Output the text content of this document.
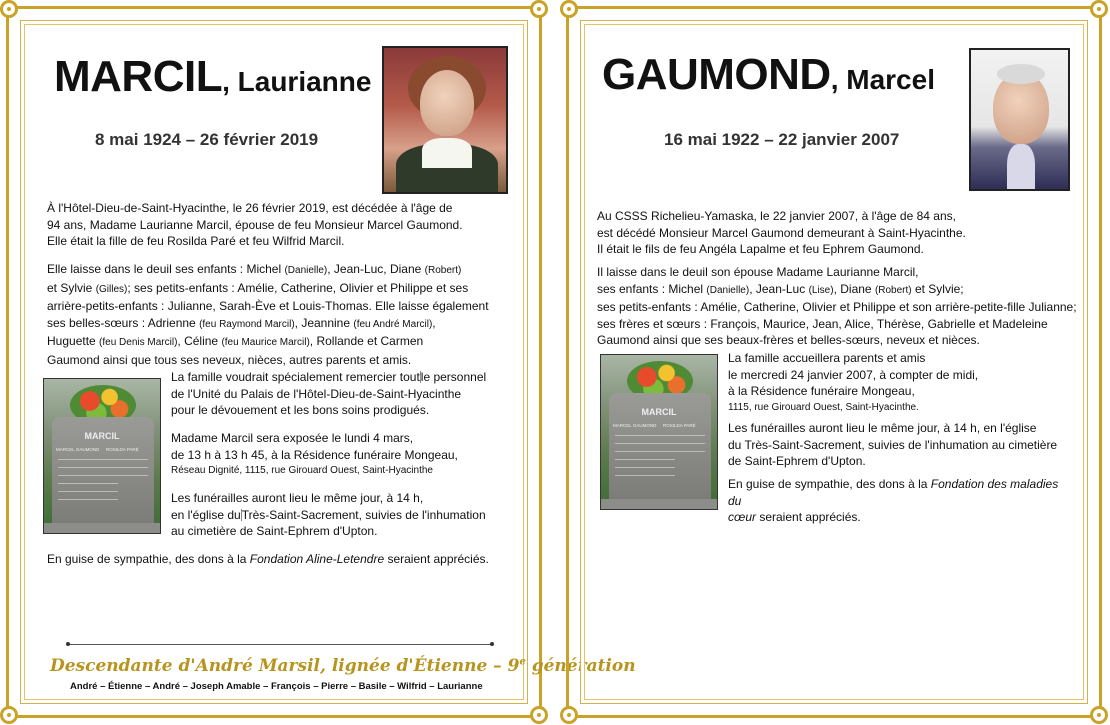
MARCIL, Laurianne
8 mai 1924 – 26 février 2019
À l'Hôtel-Dieu-de-Saint-Hyacinthe, le 26 février 2019, est décédée à l'âge de
94 ans, Madame Laurianne Marcil, épouse de feu Monsieur Marcel Gaumond.
Elle était la fille de feu Rosilda Paré et feu Wilfrid Marcil.
Elle laisse dans le deuil ses enfants : Michel (Danielle), Jean-Luc, Diane (Robert)
et Sylvie (Gilles); ses petits-enfants : Amélie, Catherine, Olivier et Philippe et ses
arrière-petits-enfants : Julianne, Sarah-Ève et Louis-Thomas. Elle laisse également
ses belles-sœurs : Adrienne (feu Raymond Marcil), Jeannine (feu André Marcil),
Huguette (feu Denis Marcil), Céline (feu Maurice Marcil), Rollande et Carmen
Gaumond ainsi que tous ses neveux, nièces, autres parents et amis.
MARCIL
MARCEL GAUMOND ROSILDA PARÉ
La famille voudrait spécialement remercier toutle personnel
de l'Unité du Palais de l'Hôtel-Dieu-de-Saint-Hyacinthe
pour le dévouement et les bons soins prodigués.
Madame Marcil sera exposée le lundi 4 mars,
de 13 h à 13 h 45, à la Résidence funéraire Mongeau,
Réseau Dignité, 1115, rue Girouard Ouest, Saint-Hyacinthe
Les funérailles auront lieu le même jour, à 14 h,
en l'église duTrès-Saint-Sacrement, suivies de l'inhumation
au cimetière de Saint-Ephrem d'Upton.
En guise de sympathie, des dons à la Fondation Aline-Letendre seraient appréciés.
Descendante d'André Marsil, lignée d'Étienne – 9e génération
André – Étienne – André – Joseph Amable – François – Pierre – Basile – Wilfrid – Laurianne
GAUMOND, Marcel
16 mai 1922 – 22 janvier 2007
Au CSSS Richelieu-Yamaska, le 22 janvier 2007, à l'âge de 84 ans,
est décédé Monsieur Marcel Gaumond demeurant à Saint-Hyacinthe.
Il était le fils de feu Angéla Lapalme et feu Ephrem Gaumond.
Il laisse dans le deuil son épouse Madame Laurianne Marcil,
ses enfants : Michel (Danielle), Jean-Luc (Lise), Diane (Robert) et Sylvie;
ses petits-enfants : Amélie, Catherine, Olivier et Philippe et son arrière-petite-fille Julianne;
ses frères et sœurs : François, Maurice, Jean, Alice, Thérèse, Gabrielle et Madeleine
Gaumond ainsi que ses beaux-frères et belles-sœurs, neveux et nièces.
MARCIL
MARCEL GAUMOND ROSILDA PARÉ
La famille accueillera parents et amis
le mercredi 24 janvier 2007, à compter de midi,
à la Résidence funéraire Mongeau,
1115, rue Girouard Ouest, Saint-Hyacinthe.
Les funérailles auront lieu le même jour, à 14 h, en l'église
du Très-Saint-Sacrement, suivies de l'inhumation au cimetière
de Saint-Ephrem d'Upton.
En guise de sympathie, des dons à la Fondation des maladies du
cœur seraient appréciés.
